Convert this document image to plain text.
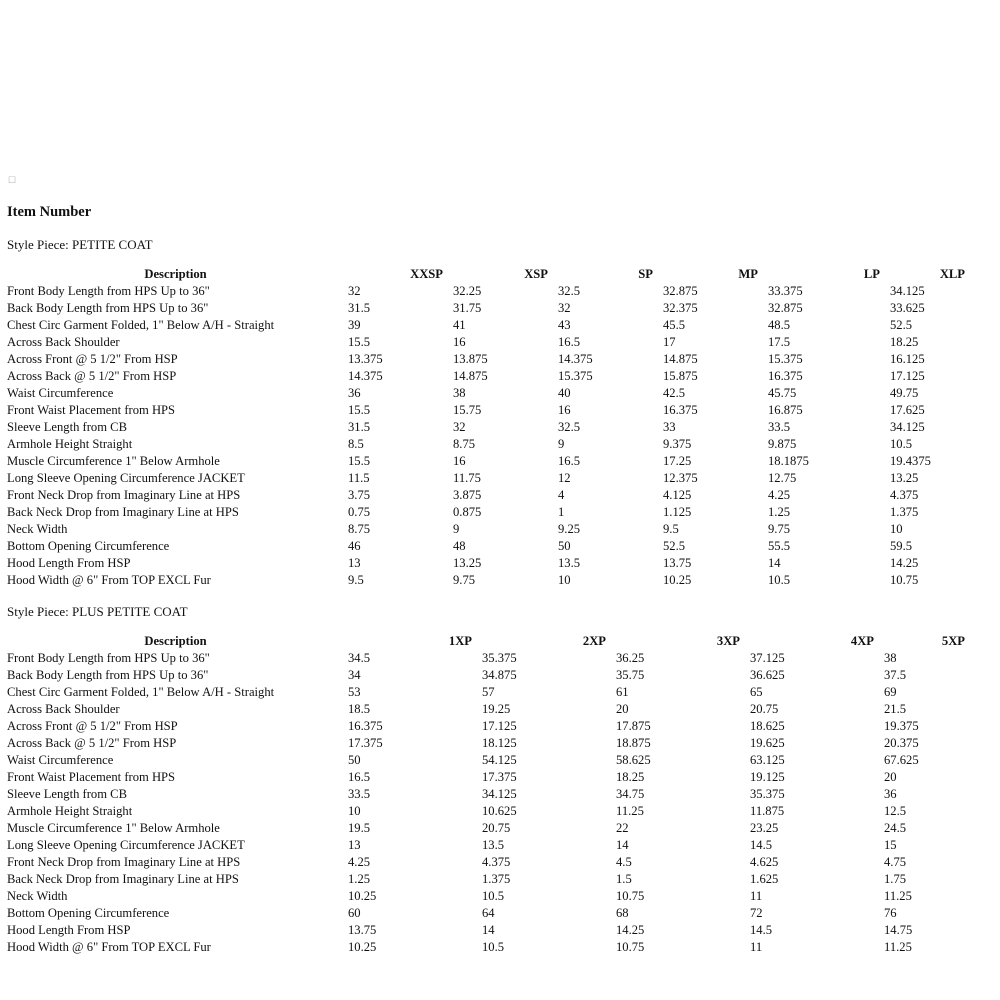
☐
Item Number
Style Piece: PETITE COAT
Description	XXSP	XSP	SP	MP	LP	XLP
Front Body Length from HPS Up to 36"	32	32.25	32.5	32.875	33.375	34.125
Back Body Length from HPS Up to 36"	31.5	31.75	32	32.375	32.875	33.625
Chest Circ Garment Folded, 1" Below A/H - Straight	39	41	43	45.5	48.5	52.5
Across Back Shoulder	15.5	16	16.5	17	17.5	18.25
Across Front @ 5 1/2" From HSP	13.375	13.875	14.375	14.875	15.375	16.125
Across Back @ 5 1/2" From HSP	14.375	14.875	15.375	15.875	16.375	17.125
Waist Circumference	36	38	40	42.5	45.75	49.75
Front Waist Placement from HPS	15.5	15.75	16	16.375	16.875	17.625
Sleeve Length from CB	31.5	32	32.5	33	33.5	34.125
Armhole Height Straight	8.5	8.75	9	9.375	9.875	10.5
Muscle Circumference 1" Below Armhole	15.5	16	16.5	17.25	18.1875	19.4375
Long Sleeve Opening Circumference JACKET	11.5	11.75	12	12.375	12.75	13.25
Front Neck Drop from Imaginary Line at HPS	3.75	3.875	4	4.125	4.25	4.375
Back Neck Drop from Imaginary Line at HPS	0.75	0.875	1	1.125	1.25	1.375
Neck Width	8.75	9	9.25	9.5	9.75	10
Bottom Opening Circumference	46	48	50	52.5	55.5	59.5
Hood Length From HSP	13	13.25	13.5	13.75	14	14.25
Hood Width @ 6" From TOP EXCL Fur	9.5	9.75	10	10.25	10.5	10.75
Style Piece: PLUS PETITE COAT
Description	1XP	2XP	3XP	4XP	5XP
Front Body Length from HPS Up to 36"	34.5	35.375	36.25	37.125	38
Back Body Length from HPS Up to 36"	34	34.875	35.75	36.625	37.5
Chest Circ Garment Folded, 1" Below A/H - Straight	53	57	61	65	69
Across Back Shoulder	18.5	19.25	20	20.75	21.5
Across Front @ 5 1/2" From HSP	16.375	17.125	17.875	18.625	19.375
Across Back @ 5 1/2" From HSP	17.375	18.125	18.875	19.625	20.375
Waist Circumference	50	54.125	58.625	63.125	67.625
Front Waist Placement from HPS	16.5	17.375	18.25	19.125	20
Sleeve Length from CB	33.5	34.125	34.75	35.375	36
Armhole Height Straight	10	10.625	11.25	11.875	12.5
Muscle Circumference 1" Below Armhole	19.5	20.75	22	23.25	24.5
Long Sleeve Opening Circumference JACKET	13	13.5	14	14.5	15
Front Neck Drop from Imaginary Line at HPS	4.25	4.375	4.5	4.625	4.75
Back Neck Drop from Imaginary Line at HPS	1.25	1.375	1.5	1.625	1.75
Neck Width	10.25	10.5	10.75	11	11.25
Bottom Opening Circumference	60	64	68	72	76
Hood Length From HSP	13.75	14	14.25	14.5	14.75
Hood Width @ 6" From TOP EXCL Fur	10.25	10.5	10.75	11	11.25
